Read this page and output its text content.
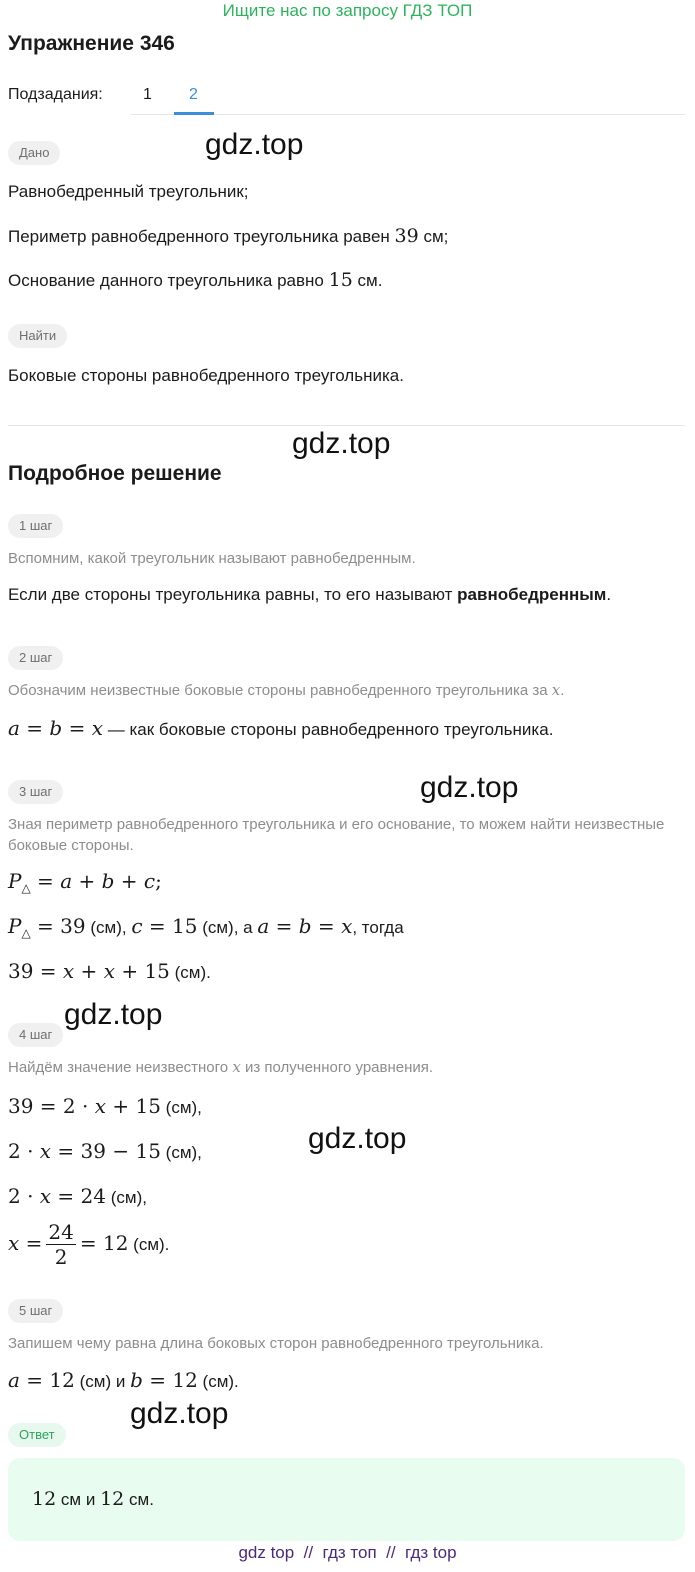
Ищите нас по запросу ГДЗ ТОП
Упражнение 346
Подзадания:	1 2
Дано
Равнобедренный треугольник;
Периметр равнобедренного треугольника равен 39 см;
Основание данного треугольника равно 15 см.
Найти
Боковые стороны равнобедренного треугольника.
Подробное решение
1 шаг
Вспомним, какой треугольник называют равнобедренным.
Если две стороны треугольника равны, то его называют равнобедренным.
2 шаг
Обозначим неизвестные боковые стороны равнобедренного треугольника за x.
a = b = x — как боковые стороны равнобедренного треугольника.
3 шаг
Зная периметр равнобедренного треугольника и его основание, то можем найти неизвестные боковые стороны.
$P_\triangle = a + b + c$;
$P_\triangle = 39$ (см), c = 15 (см), а a = b = x, тогда
39 = x + x + 15 (см).
4 шаг
Найдём значение неизвестного x из полученного уравнения.
39 = 2 · x + 15 (см),
2 · x = 39 − 15 (см),
2 · x = 24 (см),
$x = \frac{24}{2} = 12$ (см).
5 шаг
Запишем чему равна длина боковых сторон равнобедренного треугольника.
a = 12 (см) и b = 12 (см).
Ответ
12 см и 12 см.
gdz top  //  гдз топ  //  гдз top
gdz.top
gdz.top
gdz.top
gdz.top
gdz.top
gdz.top
